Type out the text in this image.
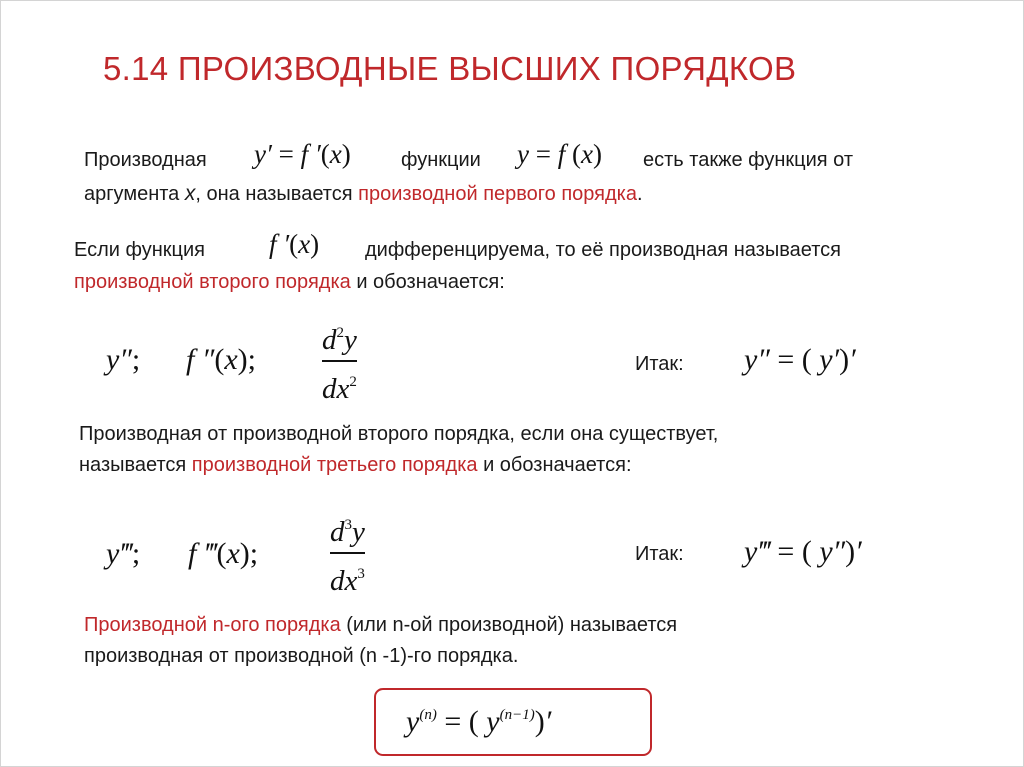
5.14 ПРОИЗВОДНЫЕ ВЫСШИХ ПОРЯДКОВ
Производная y′ = f ′(x)	функции y = f (x) есть также функция от
аргумента x, она называется производной первого порядка.
Если функция f ′(x) дифференцируема, то её производная называется
производной второго порядка и обозначается:
y″; f ″(x);
$d^2y$
$dx^2$
Итак: y″ = ( y′)′
Производная от производной второго порядка, если она существует,
называется производной третьего порядка и обозначается:
y‴; f ‴(x);
$d^3y$
$dx^3$
Итак: y‴ = ( y″)′
Производной n-ого порядка (или n-ой производной) называется
производная от производной (n -1)-го порядка.
$y^{(n)}$ = ( $y^{(n-1)})'$
